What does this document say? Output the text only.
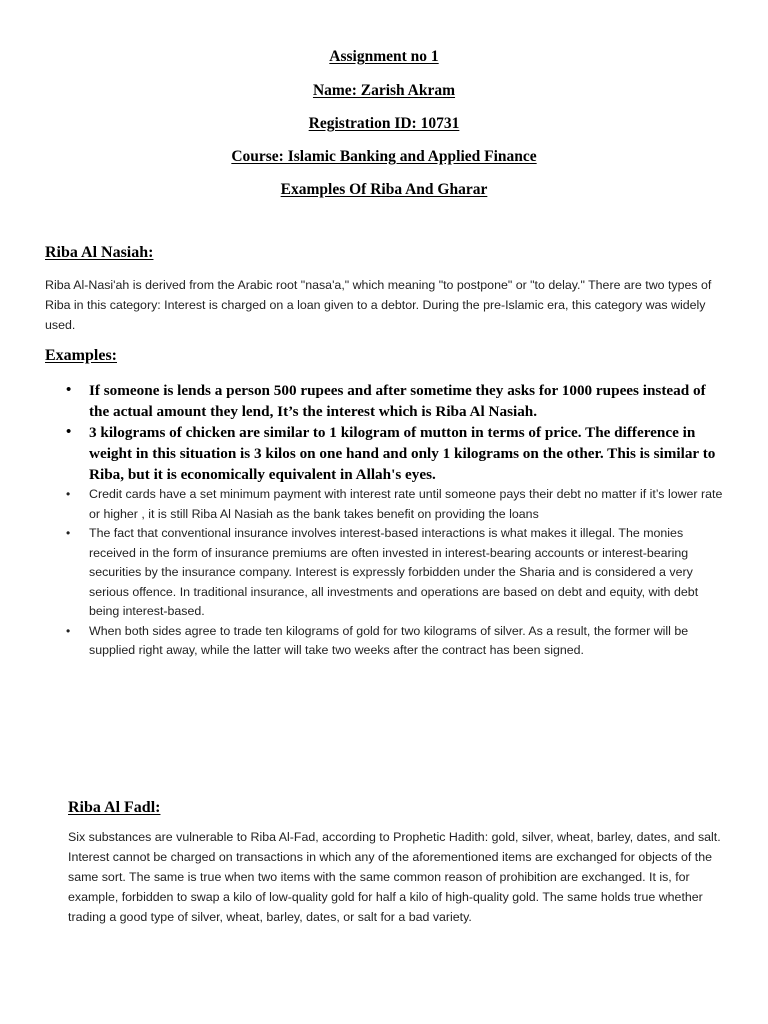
Assignment no 1
Name: Zarish Akram
Registration ID: 10731
Course: Islamic Banking and Applied Finance
Examples Of Riba And Gharar
Riba Al Nasiah:

Riba Al-Nasi'ah is derived from the Arabic root "nasa'a," which meaning "to postpone" or "to delay." There are two types of Riba in this category: Interest is charged on a loan given to a debtor. During the pre-Islamic era, this category was widely used.

Examples:
• If someone is lends a person 500 rupees and after sometime they asks for 1000 rupees instead of the actual amount they lend, It’s the interest which is Riba Al Nasiah.
• 3 kilograms of chicken are similar to 1 kilogram of mutton in terms of price. The difference in weight in this situation is 3 kilos on one hand and only 1 kilograms on the other. This is similar to Riba, but it is economically equivalent in Allah's eyes.
• Credit cards have a set minimum payment with interest rate until someone pays their debt no matter if it’s lower rate or higher , it is still Riba Al Nasiah as the bank takes benefit on providing the loans
• The fact that conventional insurance involves interest-based interactions is what makes it illegal. The monies received in the form of insurance premiums are often invested in interest-bearing accounts or interest-bearing securities by the insurance company. Interest is expressly forbidden under the Sharia and is considered a very serious offence. In traditional insurance, all investments and operations are based on debt and equity, with debt being interest-based.
• When both sides agree to trade ten kilograms of gold for two kilograms of silver. As a result, the former will be supplied right away, while the latter will take two weeks after the contract has been signed.
Riba Al Fadl:

Six substances are vulnerable to Riba Al-Fad, according to Prophetic Hadith: gold, silver, wheat, barley, dates, and salt. Interest cannot be charged on transactions in which any of the aforementioned items are exchanged for objects of the same sort. The same is true when two items with the same common reason of prohibition are exchanged. It is, for example, forbidden to swap a kilo of low-quality gold for half a kilo of high-quality gold. The same holds true whether trading a good type of silver, wheat, barley, dates, or salt for a bad variety.
